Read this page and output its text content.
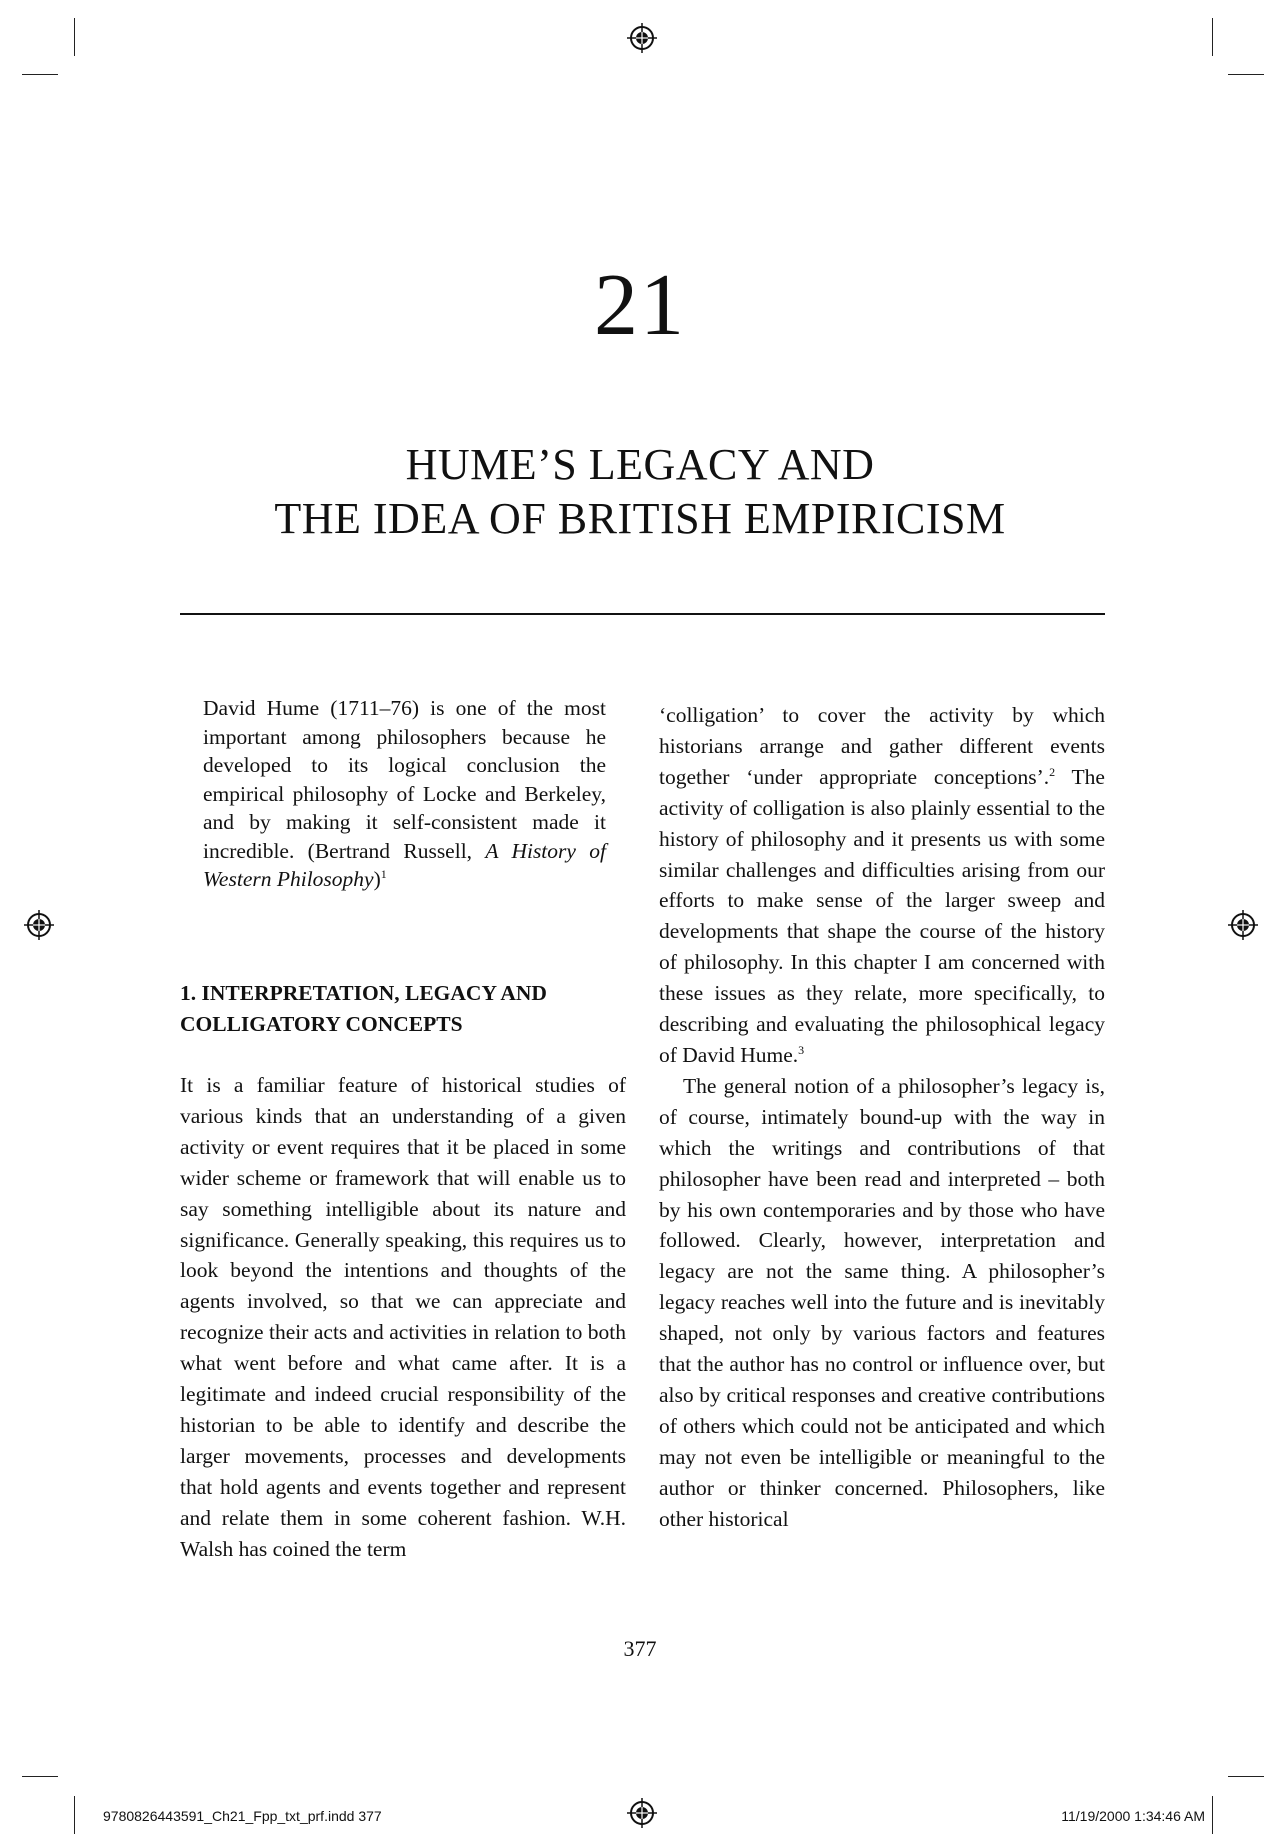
21
HUME’S LEGACY AND
THE IDEA OF BRITISH EMPIRICISM
David Hume (1711–76) is one of the most important among philosophers because he developed to its logical conclusion the empirical philosophy of Locke and Berkeley, and by making it self-consistent made it incredible. (Bertrand Russell, A History of Western Philosophy)$^1$
1. INTERPRETATION, LEGACY AND
COLLIGATORY CONCEPTS

It is a familiar feature of historical studies of various kinds that an understanding of a given activity or event requires that it be placed in some wider scheme or framework that will enable us to say something intelligible about its nature and significance. Generally speaking, this requires us to look beyond the intentions and thoughts of the agents involved, so that we can appreciate and recognize their acts and activities in relation to both what went before and what came after. It is a legitimate and indeed crucial responsibility of the historian to be able to identify and describe the larger movements, processes and developments that hold agents and events together and represent and relate them in some coherent fashion. W.H. Walsh has coined the term

‘colligation’ to cover the activity by which historians arrange and gather different events together ‘under appropriate conceptions’.$^2$ The activity of colligation is also plainly essential to the history of philosophy and it presents us with some similar challenges and difficulties arising from our efforts to make sense of the larger sweep and developments that shape the course of the history of philosophy. In this chapter I am concerned with these issues as they relate, more specifically, to describing and evaluating the philosophical legacy of David Hume.$^3$

The general notion of a philosopher’s legacy is, of course, intimately bound-up with the way in which the writings and contributions of that philosopher have been read and interpreted – both by his own contemporaries and by those who have followed. Clearly, however, interpretation and legacy are not the same thing. A philosopher’s legacy reaches well into the future and is inevitably shaped, not only by various factors and features that the author has no control or influence over, but also by critical responses and creative contributions of others which could not be anticipated and which may not even be intelligible or meaningful to the author or thinker concerned. Philosophers, like other historical

377
9780826443591_Ch21_Fpp_txt_prf.indd 377	11/19/2000 1:34:46 AM
